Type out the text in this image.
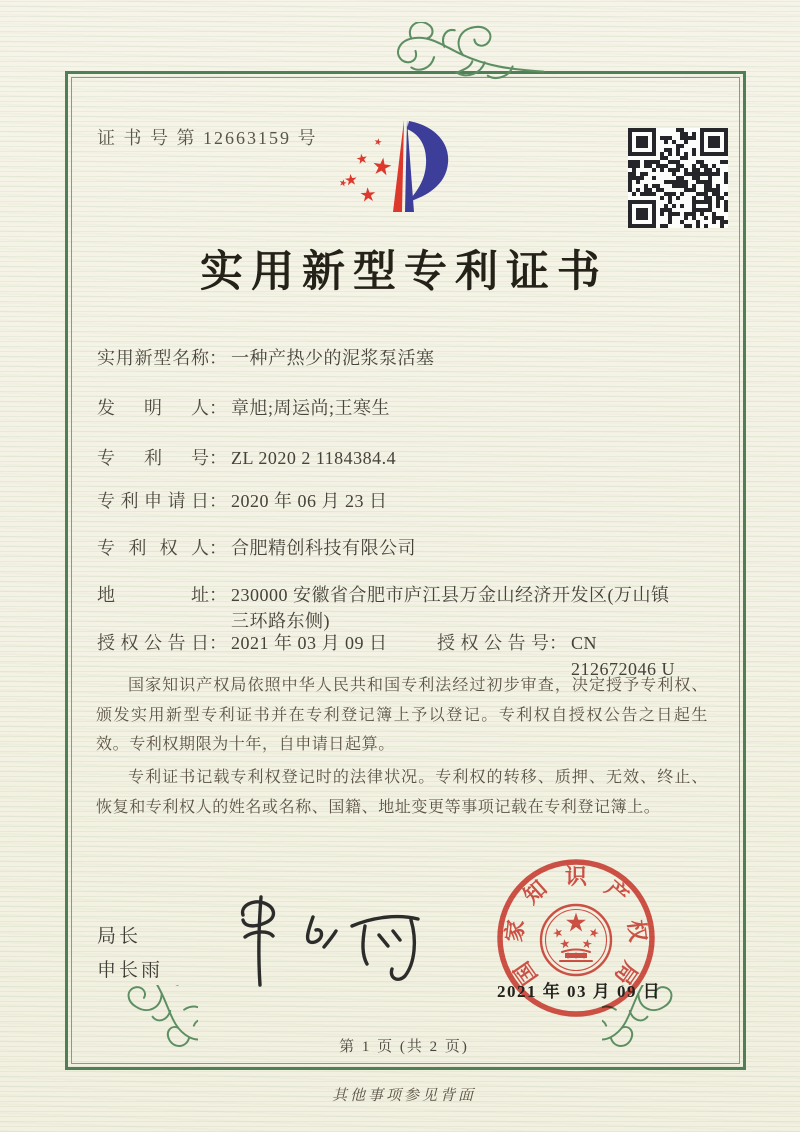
证 书 号 第 12663159 号
实用新型专利证书
实用新型名称 ： 一种产热少的泥浆泵活塞
发明人 ： 章旭;周运尚;王寒生
专利号 ： ZL 2020 2 1184384.4
专利申请日 ： 2020 年 06 月 23 日
专利权人 ： 合肥精创科技有限公司
地址 ： 230000 安徽省合肥市庐江县万金山经济开发区(万山镇三环路东侧)
授权公告日 ： 2021 年 03 月 09 日	授权公告号 ： CN 212672046 U

国家知识产权局依照中华人民共和国专利法经过初步审查，决定授予专利权、颁发实用新型专利证书并在专利登记簿上予以登记。专利权自授权公告之日起生效。专利权期限为十年，自申请日起算。

专利证书记载专利权登记时的法律状况。专利权的转移、质押、无效、终止、恢复和专利权人的姓名或名称、国籍、地址变更等事项记载在专利登记簿上。

局长
申长雨	国
家
知 识 产
权
局
2021 年 03 月 09 日
第 1 页 (共 2 页)
其他事项参见背面
